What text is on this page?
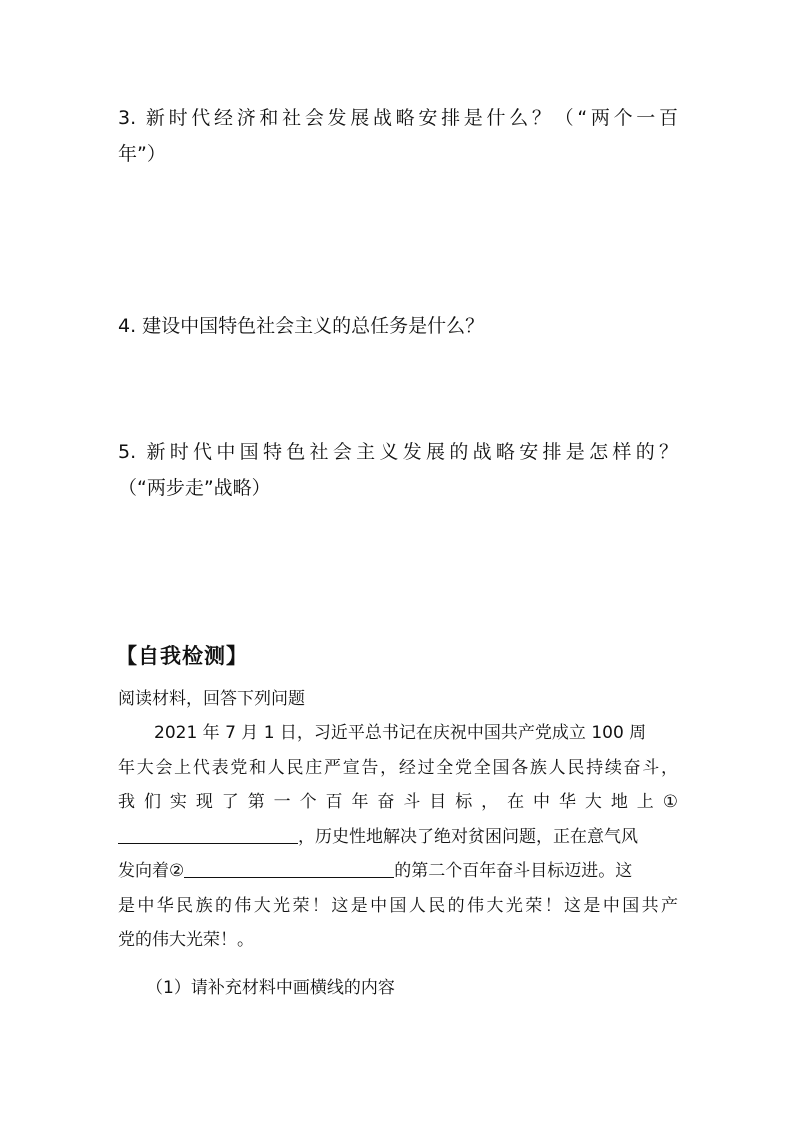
3. 新时代经济和社会发展战略安排是什么？（“两个一百
年”）
4. 建设中国特色社会主义的总任务是什么？
5. 新时代中国特色社会主义发展的战略安排是怎样的？
（“两步走”战略）
【自我检测】
阅读材料，回答下列问题
2021 年 7 月 1 日，习近平总书记在庆祝中国共产党成立 100 周
年大会上代表党和人民庄严宣告，经过全党全国各族人民持续奋斗，
我们实现了第一个百年奋斗目标，在中华大地上①
，历史性地解决了绝对贫困问题，正在意气风
发向着②	的第二个百年奋斗目标迈进。这
是中华民族的伟大光荣！这是中国人民的伟大光荣！这是中国共产
党的伟大光荣！。
（1）请补充材料中画横线的内容
